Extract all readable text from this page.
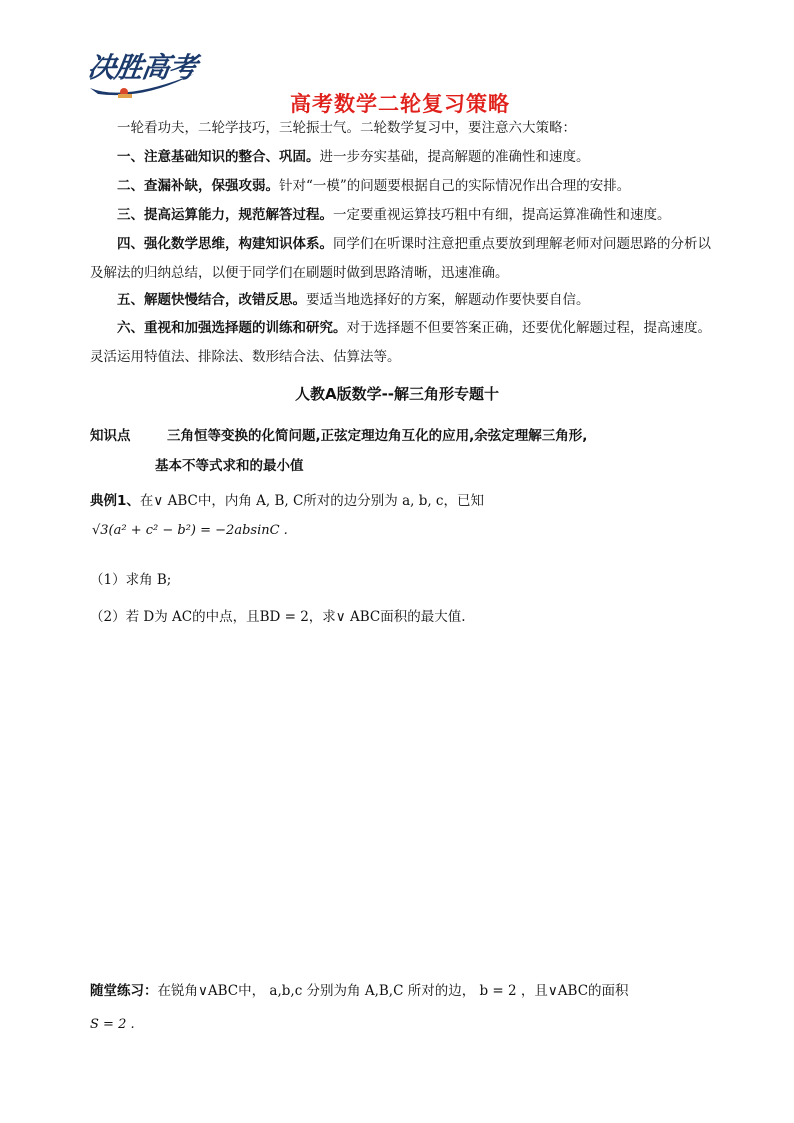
决胜高考
高考数学二轮复习策略
一轮看功夫，二轮学技巧，三轮振士气。二轮数学复习中，要注意六大策略：
一、注意基础知识的整合、巩固。进一步夯实基础，提高解题的准确性和速度。
二、查漏补缺，保强攻弱。针对“一模”的问题要根据自己的实际情况作出合理的安排。
三、提高运算能力，规范解答过程。一定要重视运算技巧粗中有细，提高运算准确性和速度。
四、强化数学思维，构建知识体系。同学们在听课时注意把重点要放到理解老师对问题思路的分析以及解法的归纳总结，以便于同学们在刷题时做到思路清晰，迅速准确。
五、解题快慢结合，改错反思。要适当地选择好的方案，解题动作要快要自信。
六、重视和加强选择题的训练和研究。对于选择题不但要答案正确，还要优化解题过程，提高速度。灵活运用特值法、排除法、数形结合法、估算法等。
人教A版数学--解三角形专题十
知识点	三角恒等变换的化简问题,正弦定理边角互化的应用,余弦定理解三角形,
基本不等式求和的最小值
典例1、在∨ ABC中，内角 A, B, C所对的边分别为 a, b, c，已知
√3(a² + c² − b²) = −2absinC .
（1）求角 B;
（2）若 D为 AC的中点，且BD = 2，求∨ ABC面积的最大值.
随堂练习：在锐角∨ABC中， a,b,c 分别为角 A,B,C 所对的边， b = 2 ，且∨ABC的面积
S = 2 .
